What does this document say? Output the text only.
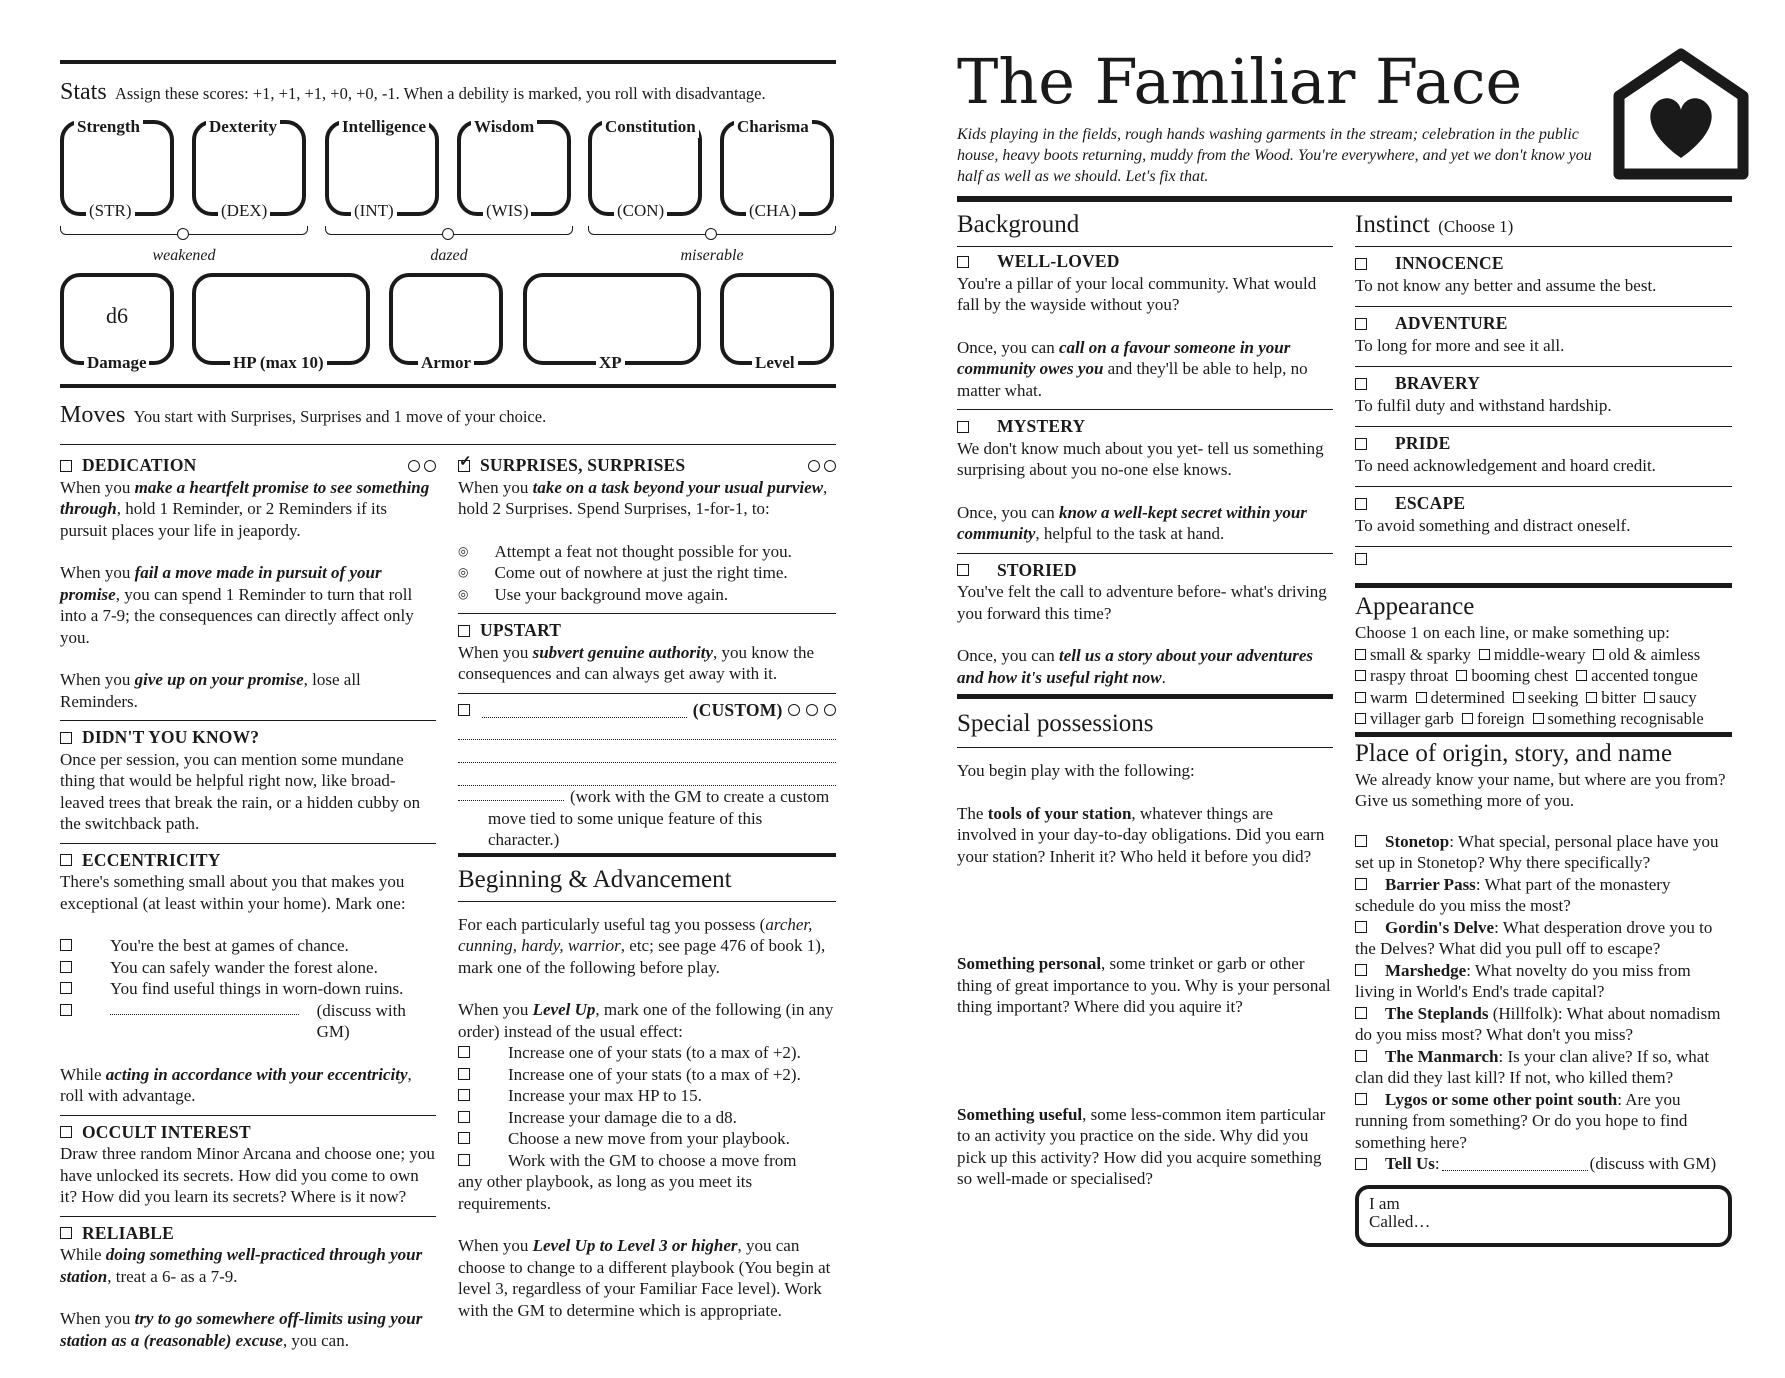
Stats Assign these scores: +1, +1, +1, +0, +0, -1. When a debility is marked, you roll with disadvantage.
Strength
(STR)
Dexterity
(DEX)
Intelligence
(INT)
Wisdom
(WIS)
Constitution
(CON)
Charisma
(CHA)
weakened	dazed	miserable
d6
Damage	HP (max 10)	Armor	XP	Level
Moves You start with Surprises, Surprises and 1 move of your choice.
DEDICATION

When you make a heartfelt promise to see something through, hold 1 Reminder, or 2 Reminders if its pursuit places your life in jeapordy.

When you fail a move made in pursuit of your promise, you can spend 1 Reminder to turn that roll into a 7-9; the consequences can directly affect only you.

When you give up on your promise, lose all Reminders.

DIDN'T YOU KNOW?

Once per session, you can mention some mundane thing that would be helpful right now, like broad-leaved trees that break the rain, or a hidden cubby on the switchback path.

ECCENTRICITY

There's something small about you that makes you exceptional (at least within your home). Mark one:

You're the best at games of chance.
You can safely wander the forest alone.
You find useful things in worn-down ruins.
(discuss with GM)

While acting in accordance with your eccentricity, roll with advantage.

OCCULT INTEREST

Draw three random Minor Arcana and choose one; you have unlocked its secrets. How did you come to own it? How did you learn its secrets? Where is it now?

RELIABLE

While doing something well-practiced through your station, treat a 6- as a 7-9.

When you try to go somewhere off-limits using your station as a (reasonable) excuse, you can.

✓ SURPRISES, SURPRISES

When you take on a task beyond your usual purview, hold 2 Surprises. Spend Surprises, 1-for-1, to:

◎ Attempt a feat not thought possible for you.
◎ Come out of nowhere at just the right time.
◎ Use your background move again.
UPSTART

When you subvert genuine authority, you know the consequences and can always get away with it.

(CUSTOM)
(work with the GM to create a custom
move tied to some unique feature of this character.)
Beginning & Advancement

For each particularly useful tag you possess (archer, cunning, hardy, warrior, etc; see page 476 of book 1), mark one of the following before play.

When you Level Up, mark one of the following (in any order) instead of the usual effect:

Increase one of your stats (to a max of +2).
Increase one of your stats (to a max of +2).
Increase your max HP to 15.
Increase your damage die to a d8.
Choose a new move from your playbook.
Work with the GM to choose a move from

any other playbook, as long as you meet its requirements.

When you Level Up to Level 3 or higher, you can choose to change to a different playbook (You begin at level 3, regardless of your Familiar Face level). Work with the GM to determine which is appropriate.

The Familiar Face
Kids playing in the fields, rough hands washing garments in the stream; celebration in the public house, heavy boots returning, muddy from the Wood. You're everywhere, and yet we don't know you half as well as we should. Let's fix that.
Background
WELL-LOVED

You're a pillar of your local community. What would fall by the wayside without you?

Once, you can call on a favour someone in your community owes you and they'll be able to help, no matter what.

MYSTERY

We don't know much about you yet- tell us something surprising about you no-one else knows.

Once, you can know a well-kept secret within your community, helpful to the task at hand.

STORIED

You've felt the call to adventure before- what's driving you forward this time?

Once, you can tell us a story about your adventures and how it's useful right now.

Special possessions

You begin play with the following:

The tools of your station, whatever things are involved in your day-to-day obligations. Did you earn your station? Inherit it? Who held it before you did?

Something personal, some trinket or garb or other thing of great importance to you. Why is your personal thing important? Where did you aquire it?

Something useful, some less-common item particular to an activity you practice on the side. Why did you pick up this activity? How did you acquire something so well-made or specialised?

Instinct (Choose 1)
INNOCENCE

To not know any better and assume the best.

ADVENTURE

To long for more and see it all.

BRAVERY

To fulfil duty and withstand hardship.

PRIDE

To need acknowledgement and hoard credit.

ESCAPE

To avoid something and distract oneself.

Appearance

Choose 1 on each line, or make something up:

small & sparky middle-weary old & aimless
raspy throat booming chest accented tongue
warm determined seeking bitter saucy
villager garb foreign something recognisable
Place of origin, story, and name

We already know your name, but where are you from? Give us something more of you.

Stonetop: What special, personal place have you set up in Stonetop? Why there specifically?

Barrier Pass: What part of the monastery schedule do you miss the most?

Gordin's Delve: What desperation drove you to the Delves? What did you pull off to escape?

Marshedge: What novelty do you miss from living in World's End's trade capital?

The Steplands (Hillfolk): What about nomadism do you miss most? What don't you miss?

The Manmarch: Is your clan alive? If so, what clan did they last kill? If not, who killed them?

Lygos or some other point south: Are you running from something? Or do you hope to find something here?

Tell Us :	(discuss with GM)
I am
Called…
